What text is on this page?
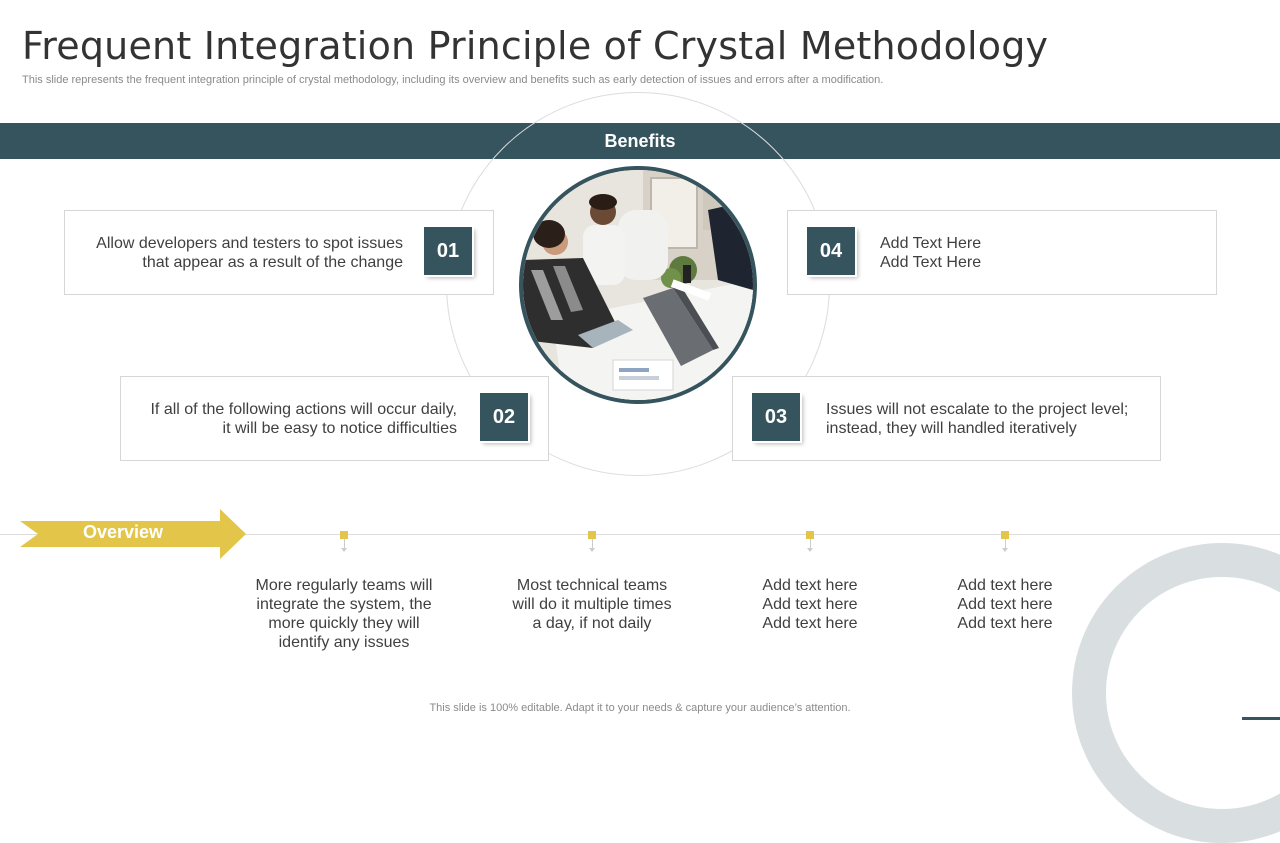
Frequent Integration Principle of Crystal Methodology
This slide represents the frequent integration principle of crystal methodology, including its overview and benefits such as early detection of issues and errors after a modification.
Benefits
Allow developers and testers to spot issues
that appear as a result of the change
01
If all of the following actions will occur daily,
it will be easy to notice difficulties
02	Issues will not escalate to the project level;
instead, they will handled iteratively
03
Add Text Here
Add Text Here
04
Overview
More regularly teams will
integrate the system, the
more quickly they will
identify any issues
Most technical teams
will do it multiple times
a day, if not daily
Add text here
Add text here
Add text here
Add text here
Add text here
Add text here
This slide is 100% editable. Adapt it to your needs & capture your audience’s attention.
